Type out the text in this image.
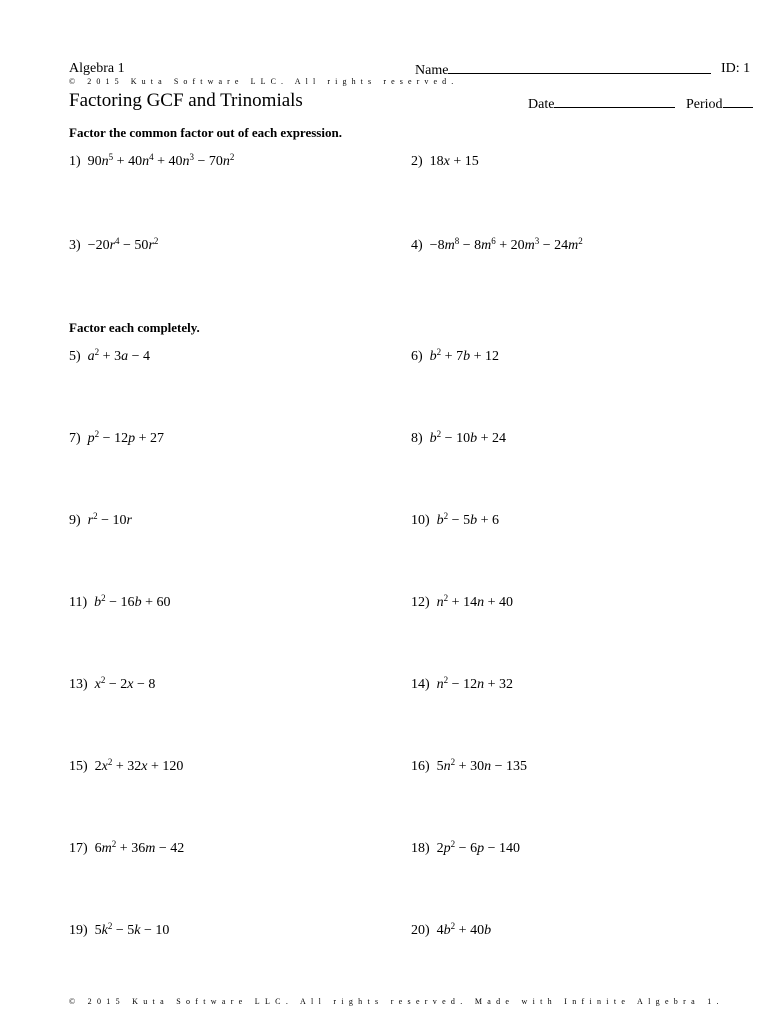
Algebra 1	Name	ID: 1
© 2015 Kuta Software LLC. All rights reserved.
Factoring GCF and Trinomials	Date	Period
Factor the common factor out of each expression.
Factor each completely.
1)  $90n^5 + 40n^4 + 40n^3 - 70n^2$	2)  18x + 15
$3) -20r^4 - 50r^2$	$4) -8m^8 - 8m^6 + 20m^3 - 24m^2$
5)  $a^2 + 3a - 4$	6)  $b^2 + 7b + 12$
7)  $p^2 - 12p + 27$	8)  $b^2 - 10b + 24$
9)  $r^2 - 10r$	10)  $b^2 - 5b + 6$
11)  $b^2 - 16b + 60$	12)  $n^2 + 14n + 40$
13)  $x^2 - 2x - 8$	14)  $n^2 - 12n + 32$
15)  $2x^2 + 32x + 120$	16)  $5n^2 + 30n - 135$
17)  $6m^2 + 36m - 42$	18)  $2p^2 - 6p - 140$
19)  $5k^2 - 5k - 10$	20)  $4b^2 + 40b$
© 2015 Kuta Software LLC. All rights reserved. Made with Infinite Algebra 1.
